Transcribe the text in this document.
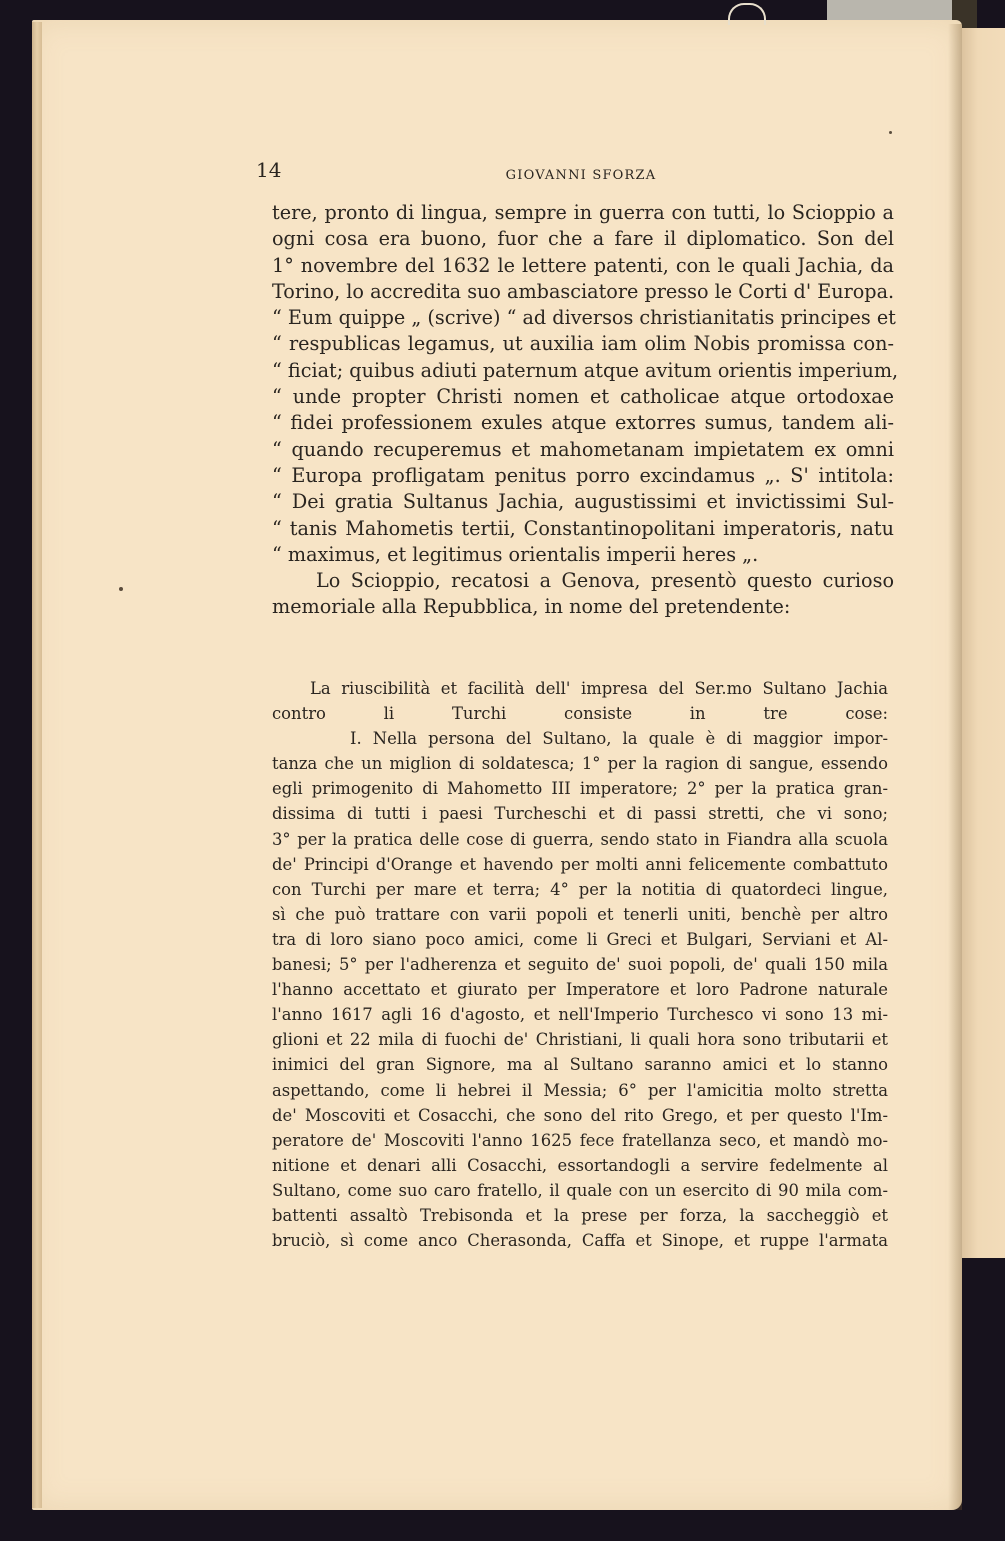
14	GIOVANNI SFORZA

tere, pronto di lingua, sempre in guerra con tutti, lo Scioppio a
ogni cosa era buono, fuor che a fare il diplomatico. Son del
1° novembre del 1632 le lettere patenti, con le quali Jachia, da
Torino, lo accredita suo ambasciatore presso le Corti d' Europa.
“ Eum quippe „ (scrive) “ ad diversos christianitatis principes et
“ respublicas legamus, ut auxilia iam olim Nobis promissa con-
“ ficiat; quibus adiuti paternum atque avitum orientis imperium,
“ unde propter Christi nomen et catholicae atque ortodoxae
“ fidei professionem exules atque extorres sumus, tandem ali-
“ quando recuperemus et mahometanam impietatem ex omni
“ Europa profligatam penitus porro excindamus „. S' intitola:
“ Dei gratia Sultanus Jachia, augustissimi et invictissimi Sul-
“ tanis Mahometis tertii, Constantinopolitani imperatoris, natu
“ maximus, et legitimus orientalis imperii heres „.

Lo Scioppio, recatosi a Genova, presentò questo curioso
memoriale alla Repubblica, in nome del pretendente:

La riuscibilità et facilità dell' impresa del Ser.mo Sultano Jachia
contro li Turchi consiste in tre cose:
I. Nella persona del Sultano, la quale è di maggior impor-
tanza che un miglion di soldatesca; 1° per la ragion di sangue, essendo
egli primogenito di Mahometto III imperatore; 2° per la pratica gran-
dissima di tutti i paesi Turcheschi et di passi stretti, che vi sono;
3° per la pratica delle cose di guerra, sendo stato in Fiandra alla scuola
de' Principi d'Orange et havendo per molti anni felicemente combattuto
con Turchi per mare et terra; 4° per la notitia di quatordeci lingue,
sì che può trattare con varii popoli et tenerli uniti, benchè per altro
tra di loro siano poco amici, come li Greci et Bulgari, Serviani et Al-
banesi; 5° per l'adherenza et seguito de' suoi popoli, de' quali 150 mila
l'hanno accettato et giurato per Imperatore et loro Padrone naturale
l'anno 1617 agli 16 d'agosto, et nell'Imperio Turchesco vi sono 13 mi-
glioni et 22 mila di fuochi de' Christiani, li quali hora sono tributarii et
inimici del gran Signore, ma al Sultano saranno amici et lo stanno
aspettando, come li hebrei il Messia; 6° per l'amicitia molto stretta
de' Moscoviti et Cosacchi, che sono del rito Grego, et per questo l'Im-
peratore de' Moscoviti l'anno 1625 fece fratellanza seco, et mandò mo-
nitione et denari alli Cosacchi, essortandogli a servire fedelmente al
Sultano, come suo caro fratello, il quale con un esercito di 90 mila com-
battenti assaltò Trebisonda et la prese per forza, la saccheggiò et
bruciò, sì come anco Cherasonda, Caffa et Sinope, et ruppe l'armata
